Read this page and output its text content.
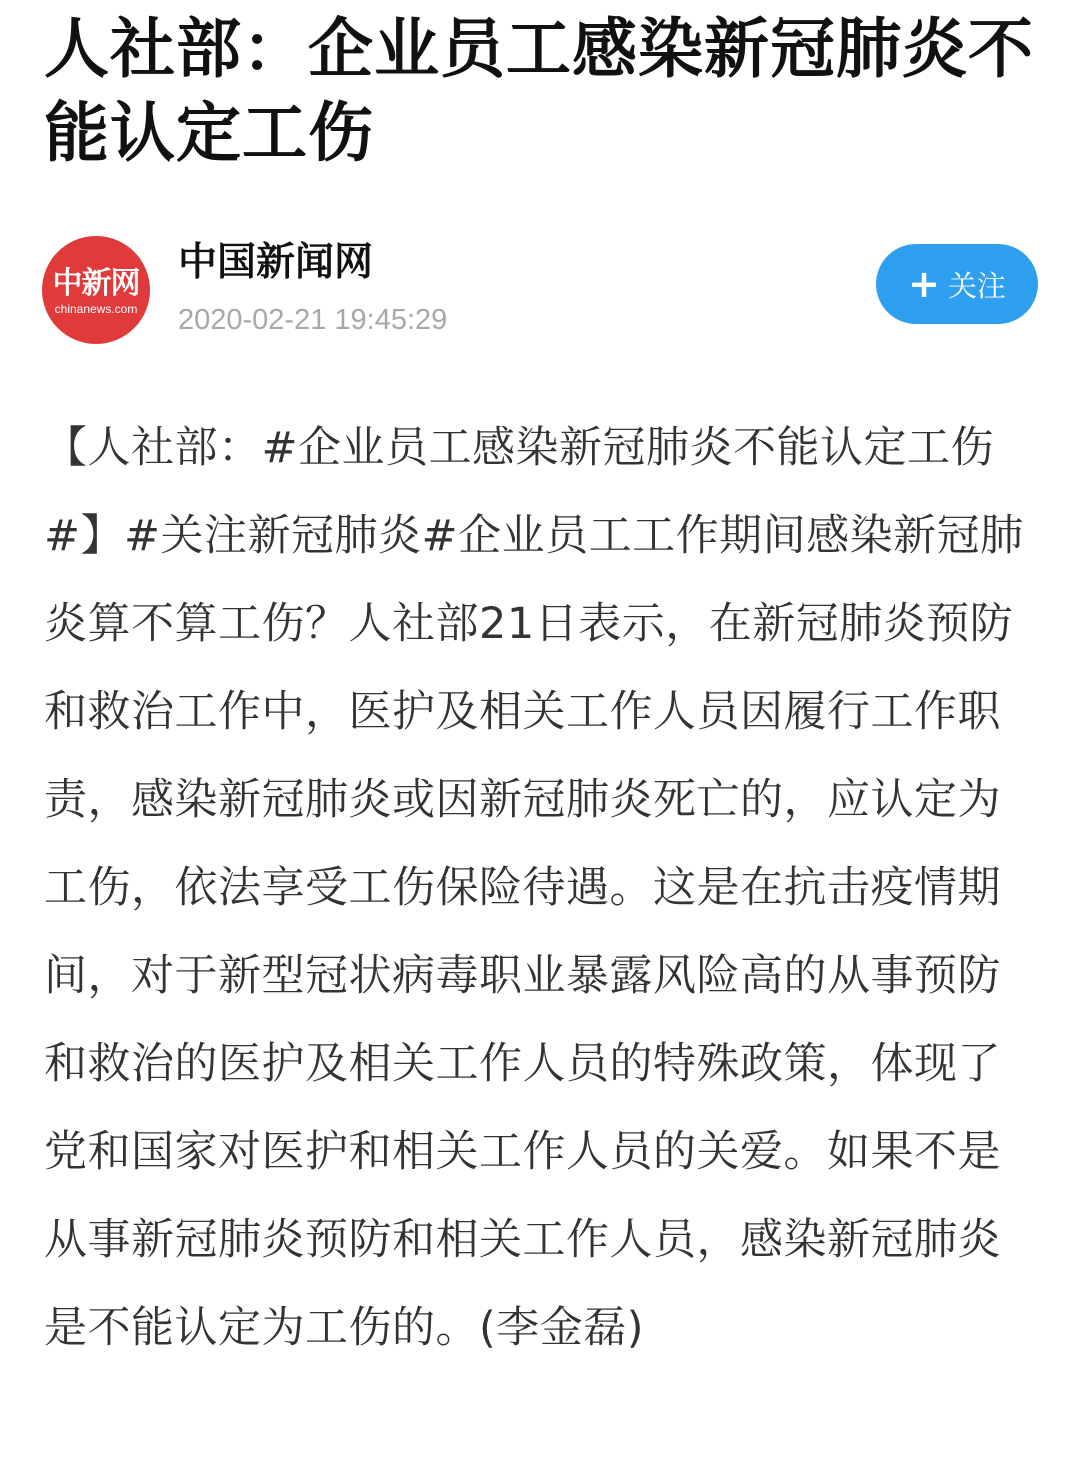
人社部：企业员工感染新冠肺炎不能认定工伤
中新网
chinanews.com
中国新闻网
2020-02-21 19:45:29
+ 关注

【人社部：#企业员工感染新冠肺炎不能认定工伤#】#关注新冠肺炎#企业员工工作期间感染新冠肺炎算不算工伤？人社部21日表示，在新冠肺炎预防和救治工作中，医护及相关工作人员因履行工作职责，感染新冠肺炎或因新冠肺炎死亡的，应认定为工伤，依法享受工伤保险待遇。这是在抗击疫情期间，对于新型冠状病毒职业暴露风险高的从事预防和救治的医护及相关工作人员的特殊政策，体现了党和国家对医护和相关工作人员的关爱。如果不是从事新冠肺炎预防和相关工作人员，感染新冠肺炎是不能认定为工伤的。(李金磊)
